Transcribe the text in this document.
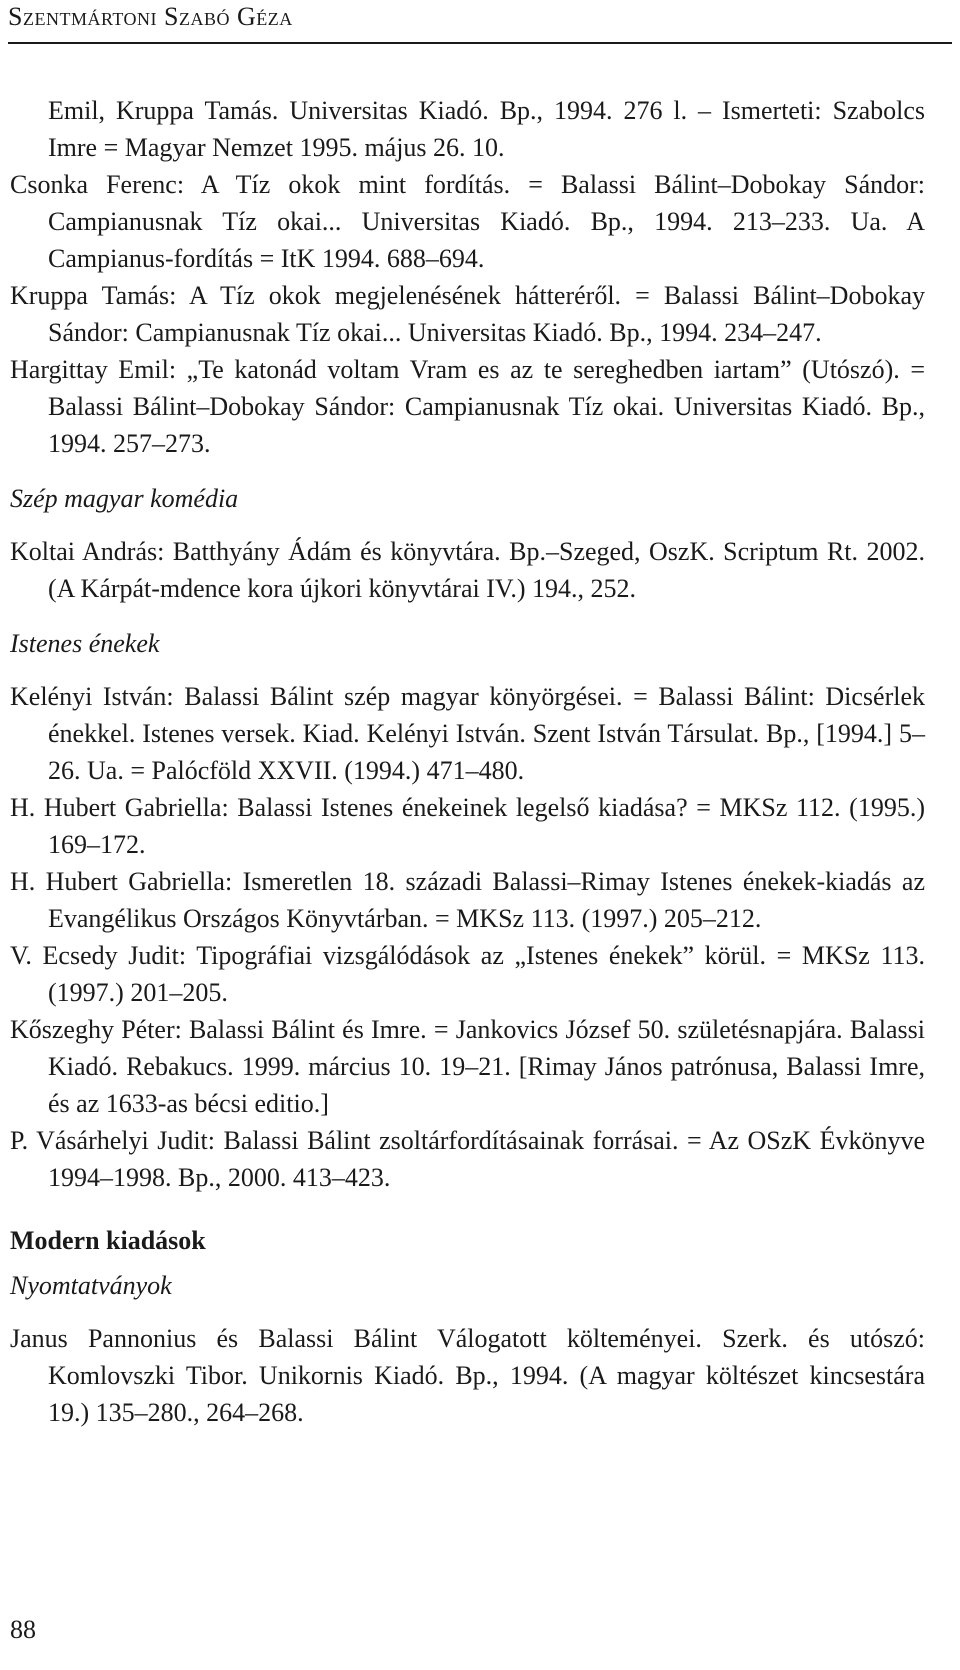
Szentmártoni Szabó Géza

Emil, Kruppa Tamás. Universitas Kiadó. Bp., 1994. 276 l. – Ismerteti: Szabolcs Imre = Magyar Nemzet 1995. május 26. 10.

Csonka Ferenc: A Tíz okok mint fordítás. = Balassi Bálint–Dobokay Sándor: Campianusnak Tíz okai... Universitas Kiadó. Bp., 1994. 213–233. Ua. A Campianus-fordítás = ItK 1994. 688–694.

Kruppa Tamás: A Tíz okok megjelenésének hátteréről. = Balassi Bálint–Dobokay Sándor: Campianusnak Tíz okai... Universitas Kiadó. Bp., 1994. 234–247.

Hargittay Emil: „Te katonád voltam Vram es az te sereghedben iartam” (Utószó). = Balassi Bálint–Dobokay Sándor: Campianusnak Tíz okai. Universitas Kiadó. Bp., 1994. 257–273.

Szép magyar komédia

Koltai András: Batthyány Ádám és könyvtára. Bp.–Szeged, OszK. Scriptum Rt. 2002. (A Kárpát-mdence kora újkori könyvtárai IV.) 194., 252.

Istenes énekek

Kelényi István: Balassi Bálint szép magyar könyörgései. = Balassi Bálint: Dicsérlek énekkel. Istenes versek. Kiad. Kelényi István. Szent István Társulat. Bp., [1994.] 5–26. Ua. = Palócföld XXVII. (1994.) 471–480.

H. Hubert Gabriella: Balassi Istenes énekeinek legelső kiadása? = MKSz 112. (1995.) 169–172.

H. Hubert Gabriella: Ismeretlen 18. századi Balassi–Rimay Istenes énekek-kiadás az Evangélikus Országos Könyvtárban. = MKSz 113. (1997.) 205–212.

V. Ecsedy Judit: Tipográfiai vizsgálódások az „Istenes énekek” körül. = MKSz 113. (1997.) 201–205.

Kőszeghy Péter: Balassi Bálint és Imre. = Jankovics József 50. születésnapjára. Balassi Kiadó. Rebakucs. 1999. március 10. 19–21. [Rimay János patrónusa, Balassi Imre, és az 1633-as bécsi editio.]

P. Vásárhelyi Judit: Balassi Bálint zsoltárfordításainak forrásai. = Az OSzK Évkönyve 1994–1998. Bp., 2000. 413–423.

Modern kiadások
Nyomtatványok

Janus Pannonius és Balassi Bálint Válogatott költeményei. Szerk. és utószó: Komlovszki Tibor. Unikornis Kiadó. Bp., 1994. (A magyar költészet kincsestára 19.) 135–280., 264–268.

88
